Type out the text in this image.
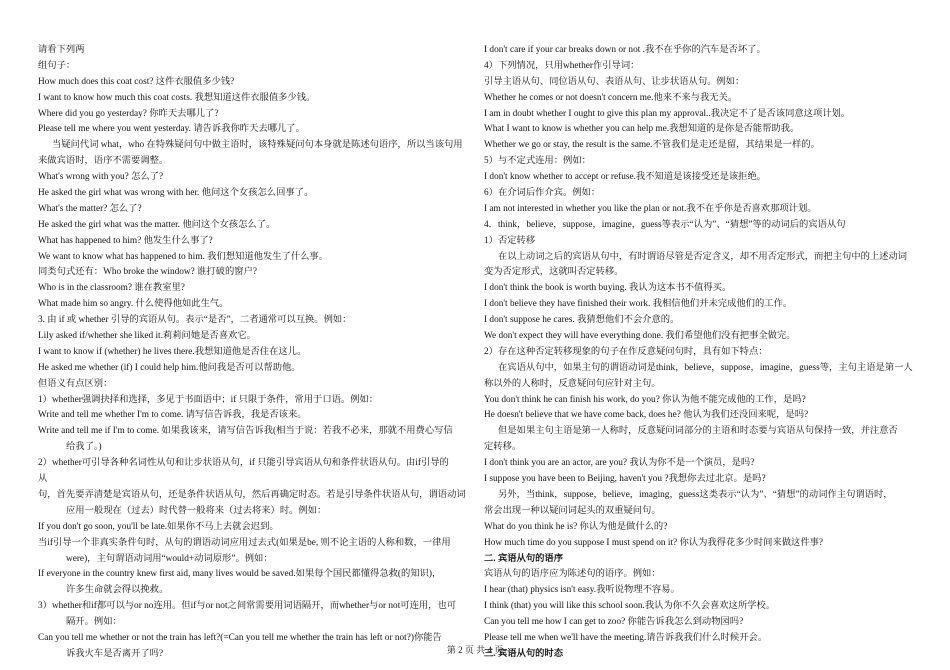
请看下列两
组句子：
How much does this coat cost? 这件衣服值多少钱?
I want to know how much this coat costs. 我想知道这件衣服值多少钱。
Where did you go yesterday? 你昨天去哪儿了?
Please tell me where you went yesterday. 请告诉我你昨天去哪儿了。
当疑问代词 what，who 在特殊疑问句中做主语时，该特殊疑问句本身就是陈述句语序，所以当该句用
来做宾语时，语序不需要调整。
What's wrong with you? 怎么了?
He asked the girl what was wrong with her. 他问这个女孩怎么回事了。
What's the matter? 怎么了?
He asked the girl what was the matter. 他问这个女孩怎么了。
What has happened to him? 他发生什么事了?
We want to know what has happened to him. 我们想知道他发生了什么事。
同类句式还有：Who broke the window? 谁打破的窗户?
Who is in the classroom? 谁在教室里?
What made him so angry. 什么使得他如此生气。
3. 由 if 或 whether 引导的宾语从句。表示“是否”，二者通常可以互换。例如：
Lily asked if/whether she liked it.莉莉问她是否喜欢它。
I want to know if (whether) he lives there.我想知道他是否住在这儿。
He asked me whether (if) I could help him.他问我是否可以帮助他。
但语义有点区别：
1）whether强调抉择和选择，多见于书面语中；if 只限于条件，常用于口语。例如：
Write and tell me whether I'm to come. 请写信告诉我，我是否该来。
Write and tell me if I'm to come. 如果我该来，请写信告诉我(相当于说：若我不必来，那就不用费心写信
给我了。)
2）whether可引导各种名词性从句和让步状语从句，if 只能引导宾语从句和条件状语从句。由if引导的
从
句，首先要弄清楚是宾语从句，还是条件状语从句，然后再确定时态。若是引导条件状语从句，谓语动词
应用一般现在（过去）时代替一般将来（过去将来）时。例如：
If you don't go soon, you'll be late.如果你不马上去就会迟到。
当if引导一个非真实条件句时，从句的谓语动词应用过去式(如果是be, 则不论主语的人称和数，一律用
were)，主句谓语动词用“would+动词原形”。例如：
If everyone in the country knew first aid, many lives would be saved.如果每个国民都懂得急救(的知识)，
许多生命就会得以挽救。
3）whether和if都可以与or no连用。但if与or not之间常需要用词语隔开，而whether与or not可连用，也可
隔开。例如：
Can you tell me whether or not the train has left?(=Can you tell me whether the train has left or not?)你能告
诉我火车是否离开了吗?
I don't care if your car breaks down or not .我不在乎你的汽车是否坏了。
4）下列情况，只用whether作引导词：
引导主语从句、同位语从句、表语从句、让步状语从句。例如：
Whether he comes or not doesn't concern me.他来不来与我无关。
I am in doubt whether I ought to give this plan my approval..我决定不了是否该同意这项计划。
What I want to know is whether you can help me.我想知道的是你是否能帮助我。
Whether we go or stay, the result is the same.不管我们是走还是留，其结果是一样的。
5）与不定式连用：例如：
I don't know whether to accept or refuse.我不知道是该接受还是该拒绝。
6）在介词后作介宾。例如：
I am not interested in whether you like the plan or not.我不在乎你是否喜欢那项计划。
4．think，believe，suppose，imagine，guess等表示“认为”、“猜想”等的动词后的宾语从句
1）否定转移
在以上动词之后的宾语从句中，有时谓语尽管是否定含义，却不用否定形式，而把主句中的上述动词
变为否定形式，这就叫否定转移。
I don't think the book is worth buying. 我认为这本书不值得买。
I don't believe they have finished their work. 我相信他们并未完成他们的工作。
I don't suppose he cares. 我猜想他们不会介意的。
We don't expect they will have everything done. 我们希望他们没有把事全做完。
2）存在这种否定转移现象的句子在作反意疑问句时，具有如下特点：
在宾语从句中，如果主句的谓语动词是think，believe，suppose，imagine，guess等，主句主语是第一人
称以外的人称时，反意疑问句应针对主句。
You don't think he can finish his work, do you? 你认为他不能完成他的工作，是吗?
He doesn't believe that we have come back, does he? 他认为我们还没回来呢，是吗?
但是如果主句主语是第一人称时，反意疑问词部分的主语和时态要与宾语从句保持一致，并注意否
定转移。
I don't think you are an actor, are you? 我认为你不是一个演员，是吗?
I suppose you have been to Beijing, haven't you ?我想你去过北京。是吗?
另外，当think，suppose，believe，imaging，guess这类表示“认为”、“猜想”的动词作主句谓语时，
常会出现一种以疑问词起头的双重疑问句。
What do you think he is? 你认为他是做什么的?
How much time do you suppose I must spend on it? 你认为我得花多少时间来做这件事?
二. 宾语从句的语序
宾语从句的语序应为陈述句的语序。例如：
I hear (that) physics isn't easy.我听说物理不容易。
I think (that) you will like this school soon.我认为你不久会喜欢这所学校。
Can you tell me how I can get to zoo? 你能告诉我怎么到动物园吗?
Please tell me when we'll have the meeting.请告诉我我们什么时候开会。
三. 宾语从句的时态
第 2 页 共 4 页
